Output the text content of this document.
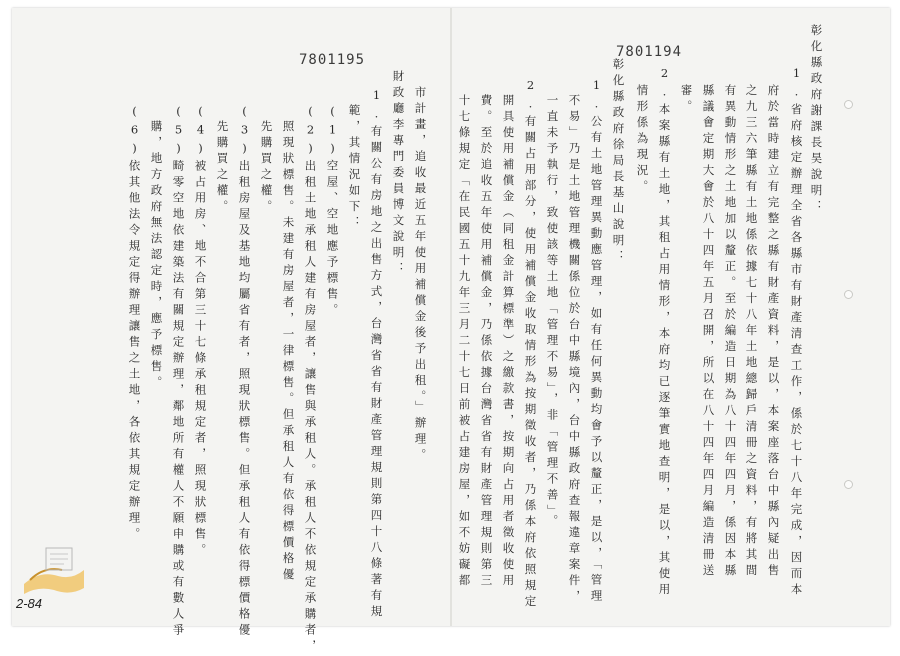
7801195	7801194	彰化縣政府謝課長昊說明：
1.省府核定辦理全省各縣市有財產清查工作，係於七十八年完成，因而本
府於當時建立有完整之縣有財產資料，是以，本案座落台中縣內疑出售
之九三六筆縣有土地係依據七十八年土地總歸戶清冊之資料，有將其間
有異動情形之土地加以釐正。至於編造日期為八十四年四月，係因本縣
縣議會定期大會於八十四年五月召開，所以在八十四年四月編造清冊送
審。
2.本案縣有土地，其租占用情形，本府均已逐筆實地查明，是以，其使用
情形係為現況。
彰化縣政府徐局長基山說明：
1.公有土地管理異動應管理，如有任何異動均會予以釐正，是以，「管理
不易」乃是土地管理機關係位於台中縣境內，台中縣政府查報違章案件，
一直未予執行，致使該等土地「管理不易」，非「管理不善」。
2.有關占用部分，使用補償金收取情形為按期徵收者，乃係本府依照規定
開具使用補償金（同租金計算標準）之繳款書，按期向占用者徵收使用
費。至於追收五年使用補償金，乃係依據台灣省省有財產管理規則第三
十七條規定「在民國五十九年三月二十七日前被占建房屋，如不妨礙都
市計畫，追收最近五年使用補償金後予出租。」辦理。
財政廳李專門委員博文說明：
1.有關公有房地之出售方式，台灣省省有財產管理規則第四十八條著有規
範，其情況如下：
(1)空屋、空地應予標售。
(2)出租土地承租人建有房屋者，讓售與承租人。承租人不依規定承購者，
照現狀標售。未建有房屋者，一律標售。但承租人有依得標價格優
先購買之權。
(3)出租房屋及基地均屬省有者，照現狀標售。但承租人有依得標價格優
先購買之權。
(4)被占用房、地不合第三十七條承租規定者，照現狀標售。
(5)畸零空地依建築法有關規定辦理，鄰地所有權人不願申購或有數人爭
購，地方政府無法認定時，應予標售。
(6)依其他法令規定得辦理讓售之土地，各依其規定辦理。
2-84
